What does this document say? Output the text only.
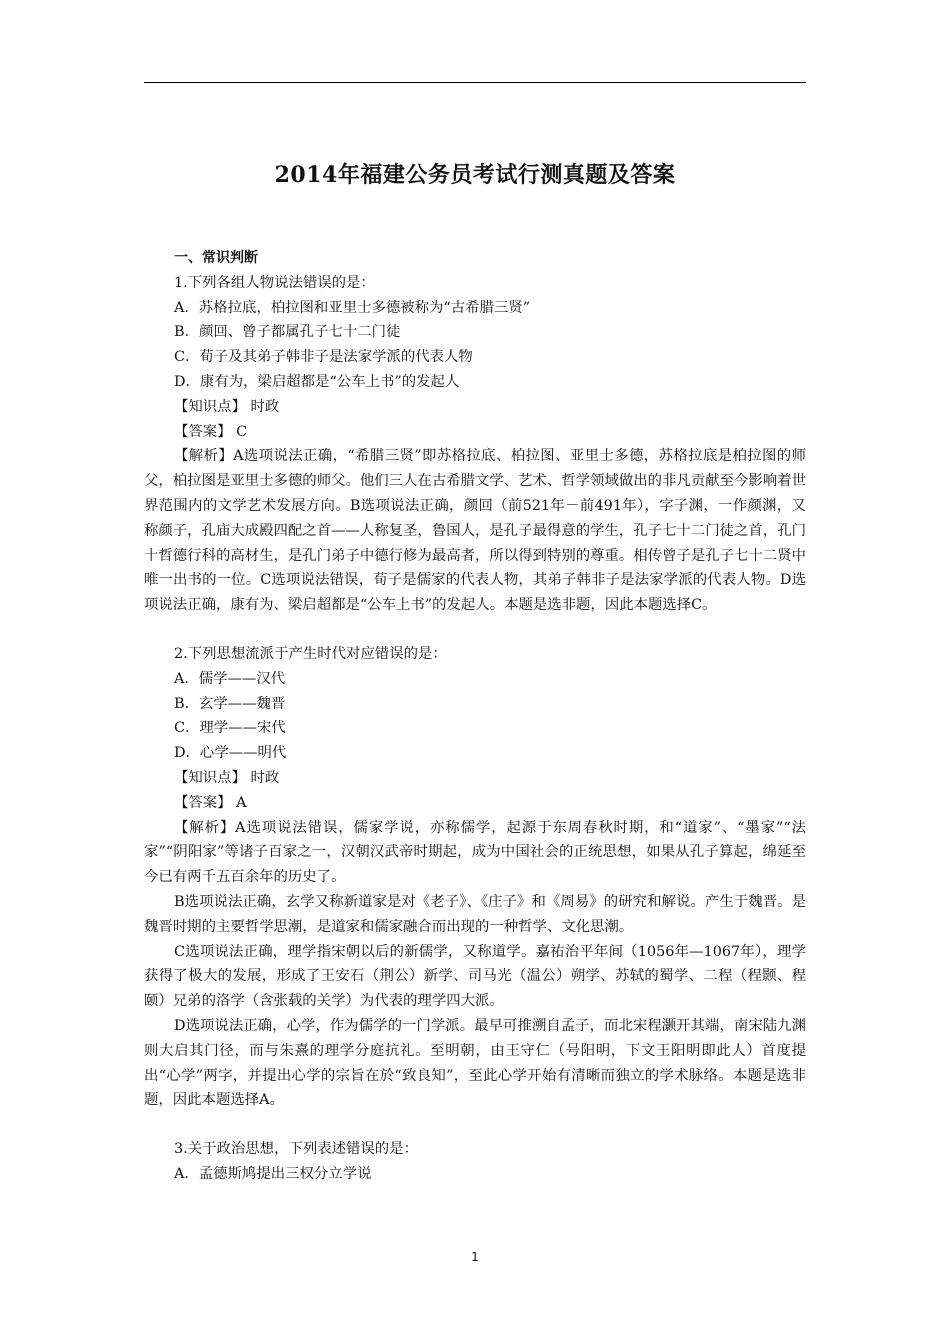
2014年福建公务员考试行测真题及答案
一、常识判断
1.下列各组人物说法错误的是：
A．苏格拉底，柏拉图和亚里士多德被称为“古希腊三贤”
B．颜回、曾子都属孔子七十二门徒
C．荀子及其弟子韩非子是法家学派的代表人物
D．康有为，梁启超都是“公车上书”的发起人
【知识点】 时政
【答案】 C

【解析】A选项说法正确，“希腊三贤”即苏格拉底、柏拉图、亚里士多德，苏格拉底是柏拉图的师父，柏拉图是亚里士多德的师父。他们三人在古希腊文学、艺术、哲学领域做出的非凡贡献至今影响着世界范围内的文学艺术发展方向。B选项说法正确，颜回（前521年－前491年），字子渊，一作颜渊，又称颜子，孔庙大成殿四配之首——人称复圣，鲁国人，是孔子最得意的学生，孔子七十二门徒之首，孔门十哲德行科的高材生，是孔门弟子中德行修为最高者，所以得到特别的尊重。相传曾子是孔子七十二贤中唯一出书的一位。C选项说法错误，荀子是儒家的代表人物，其弟子韩非子是法家学派的代表人物。D选项说法正确，康有为、梁启超都是“公车上书”的发起人。本题是选非题，因此本题选择C。

2.下列思想流派于产生时代对应错误的是：
A．儒学——汉代
B．玄学——魏晋
C．理学——宋代
D．心学——明代
【知识点】 时政
【答案】 A

【解析】A选项说法错误，儒家学说，亦称儒学，起源于东周春秋时期，和“道家”、“墨家”“法家”“阴阳家”等诸子百家之一，汉朝汉武帝时期起，成为中国社会的正统思想，如果从孔子算起，绵延至今已有两千五百余年的历史了。

B选项说法正确，玄学又称新道家是对《老子》、《庄子》和《周易》的研究和解说。产生于魏晋。是魏晋时期的主要哲学思潮，是道家和儒家融合而出现的一种哲学、文化思潮。

C选项说法正确，理学指宋朝以后的新儒学，又称道学。嘉祐治平年间（1056年—1067年），理学获得了极大的发展，形成了王安石（荆公）新学、司马光（温公）朔学、苏轼的蜀学、二程（程颢、程颐）兄弟的洛学（含张载的关学）为代表的理学四大派。

D选项说法正确，心学，作为儒学的一门学派。最早可推溯自孟子，而北宋程灏开其端，南宋陆九渊则大启其门径，而与朱熹的理学分庭抗礼。至明朝，由王守仁（号阳明，下文王阳明即此人）首度提出“心学”两字，并提出心学的宗旨在於“致良知”，至此心学开始有清晰而独立的学术脉络。本题是选非题，因此本题选择A。

3.关于政治思想，下列表述错误的是：
A．孟德斯鸠提出三权分立学说
1
